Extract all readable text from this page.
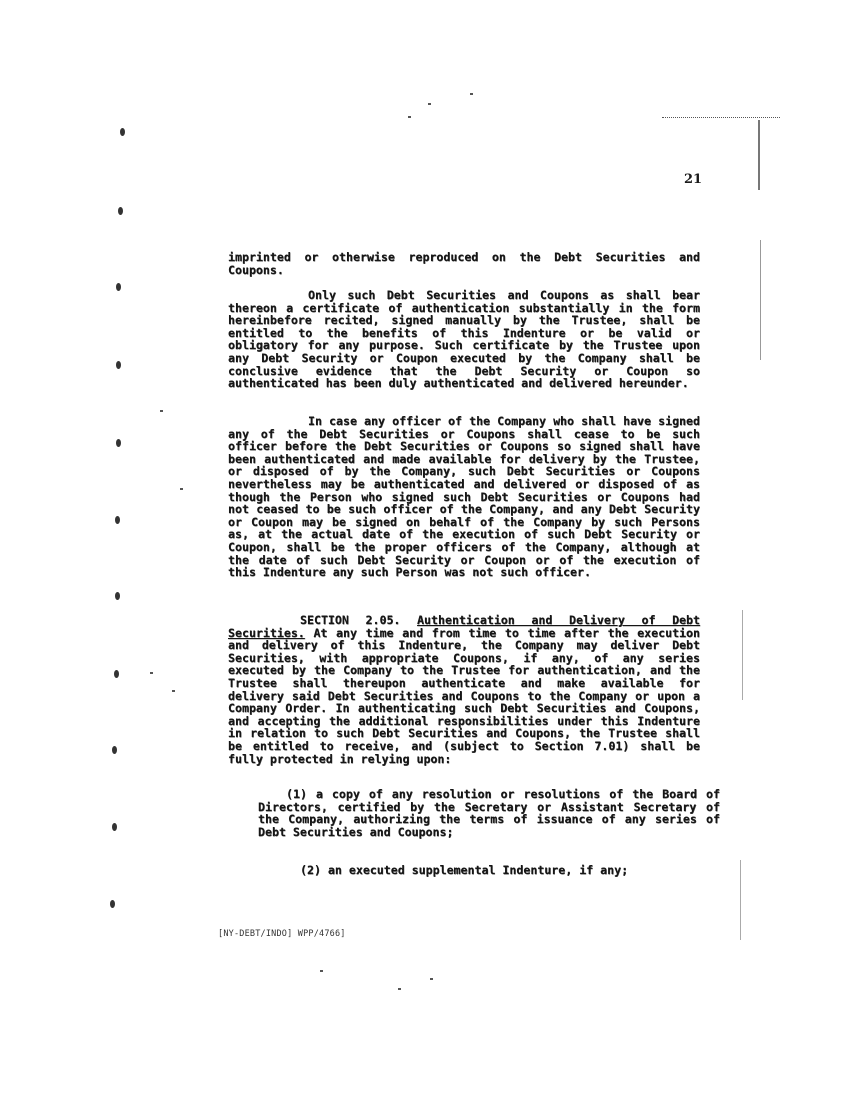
21
imprinted or otherwise reproduced on the Debt Securities and Coupons.
Only such Debt Securities and Coupons as shall bear thereon a certificate of authentication substantially in the form hereinbefore recited, signed manually by the Trustee, shall be entitled to the benefits of this Indenture or be valid or obligatory for any purpose. Such certificate by the Trustee upon any Debt Security or Coupon executed by the Company shall be conclusive evidence that the Debt Security or Coupon so authenticated has been duly authenticated and delivered hereunder.
In case any officer of the Company who shall have signed any of the Debt Securities or Coupons shall cease to be such officer before the Debt Securities or Coupons so signed shall have been authenticated and made available for delivery by the Trustee, or disposed of by the Company, such Debt Securities or Coupons nevertheless may be authenticated and delivered or disposed of as though the Person who signed such Debt Securities or Coupons had not ceased to be such officer of the Company, and any Debt Security or Coupon may be signed on behalf of the Company by such Persons as, at the actual date of the execution of such Debt Security or Coupon, shall be the proper officers of the Company, although at the date of such Debt Security or Coupon or of the execution of this Indenture any such Person was not such officer.
SECTION 2.05. Authentication and Delivery of Debt Securities. At any time and from time to time after the execution and delivery of this Indenture, the Company may deliver Debt Securities, with appropriate Coupons, if any, of any series executed by the Company to the Trustee for authentication, and the Trustee shall thereupon authenticate and make available for delivery said Debt Securities and Coupons to the Company or upon a Company Order. In authenticating such Debt Securities and Coupons, and accepting the additional responsibilities under this Indenture in relation to such Debt Securities and Coupons, the Trustee shall be entitled to receive, and (subject to Section 7.01) shall be fully protected in relying upon:
(1) a copy of any resolution or resolutions of the Board of Directors, certified by the Secretary or Assistant Secretary of the Company, authorizing the terms of issuance of any series of Debt Securities and Coupons;
(2) an executed supplemental Indenture, if any;
[NY-DEBT/INDO] WPP/4766]
